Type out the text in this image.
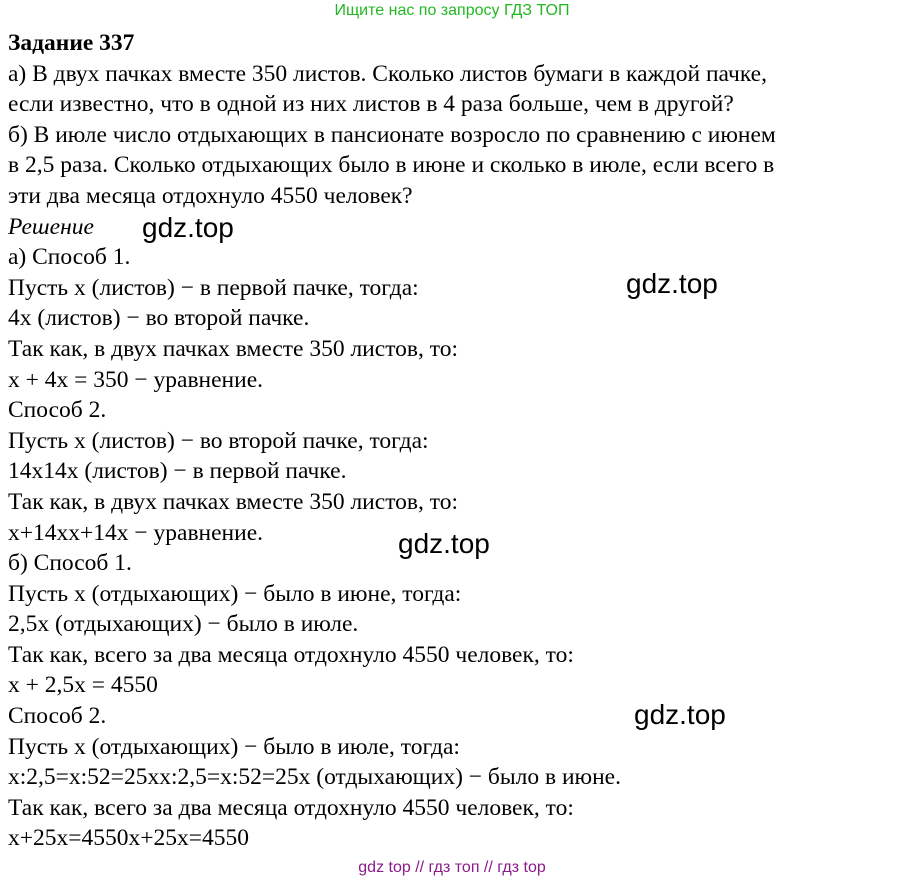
Ищите нас по запросу ГДЗ ТОП
Задание 337
а) В двух пачках вместе 350 листов. Сколько листов бумаги в каждой пачке,
если известно, что в одной из них листов в 4 раза больше, чем в другой?
б) В июле число отдыхающих в пансионате возросло по сравнению с июнем
в 2,5 раза. Сколько отдыхающих было в июне и сколько в июле, если всего в
эти два месяца отдохнуло 4550 человек?
Решение
а) Способ 1.
Пусть x (листов) − в первой пачке, тогда:
4x (листов) − во второй пачке.
Так как, в двух пачках вместе 350 листов, то:
x + 4x = 350 − уравнение.
Способ 2.
Пусть x (листов) − во второй пачке, тогда:
14x14x (листов) − в первой пачке.
Так как, в двух пачках вместе 350 листов, то:
x+14xx+14x − уравнение.
б) Способ 1.
Пусть x (отдыхающих) − было в июне, тогда:
2,5x (отдыхающих) − было в июле.
Так как, всего за два месяца отдохнуло 4550 человек, то:
x + 2,5x = 4550
Способ 2.
Пусть x (отдыхающих) − было в июле, тогда:
x:2,5=x:52=25xx:2,5=x:52=25x (отдыхающих) − было в июне.
Так как, всего за два месяца отдохнуло 4550 человек, то:
x+25x=4550x+25x=4550
gdz.top
gdz.top
gdz.top
gdz.top
gdz top // гдз топ // гдз top
